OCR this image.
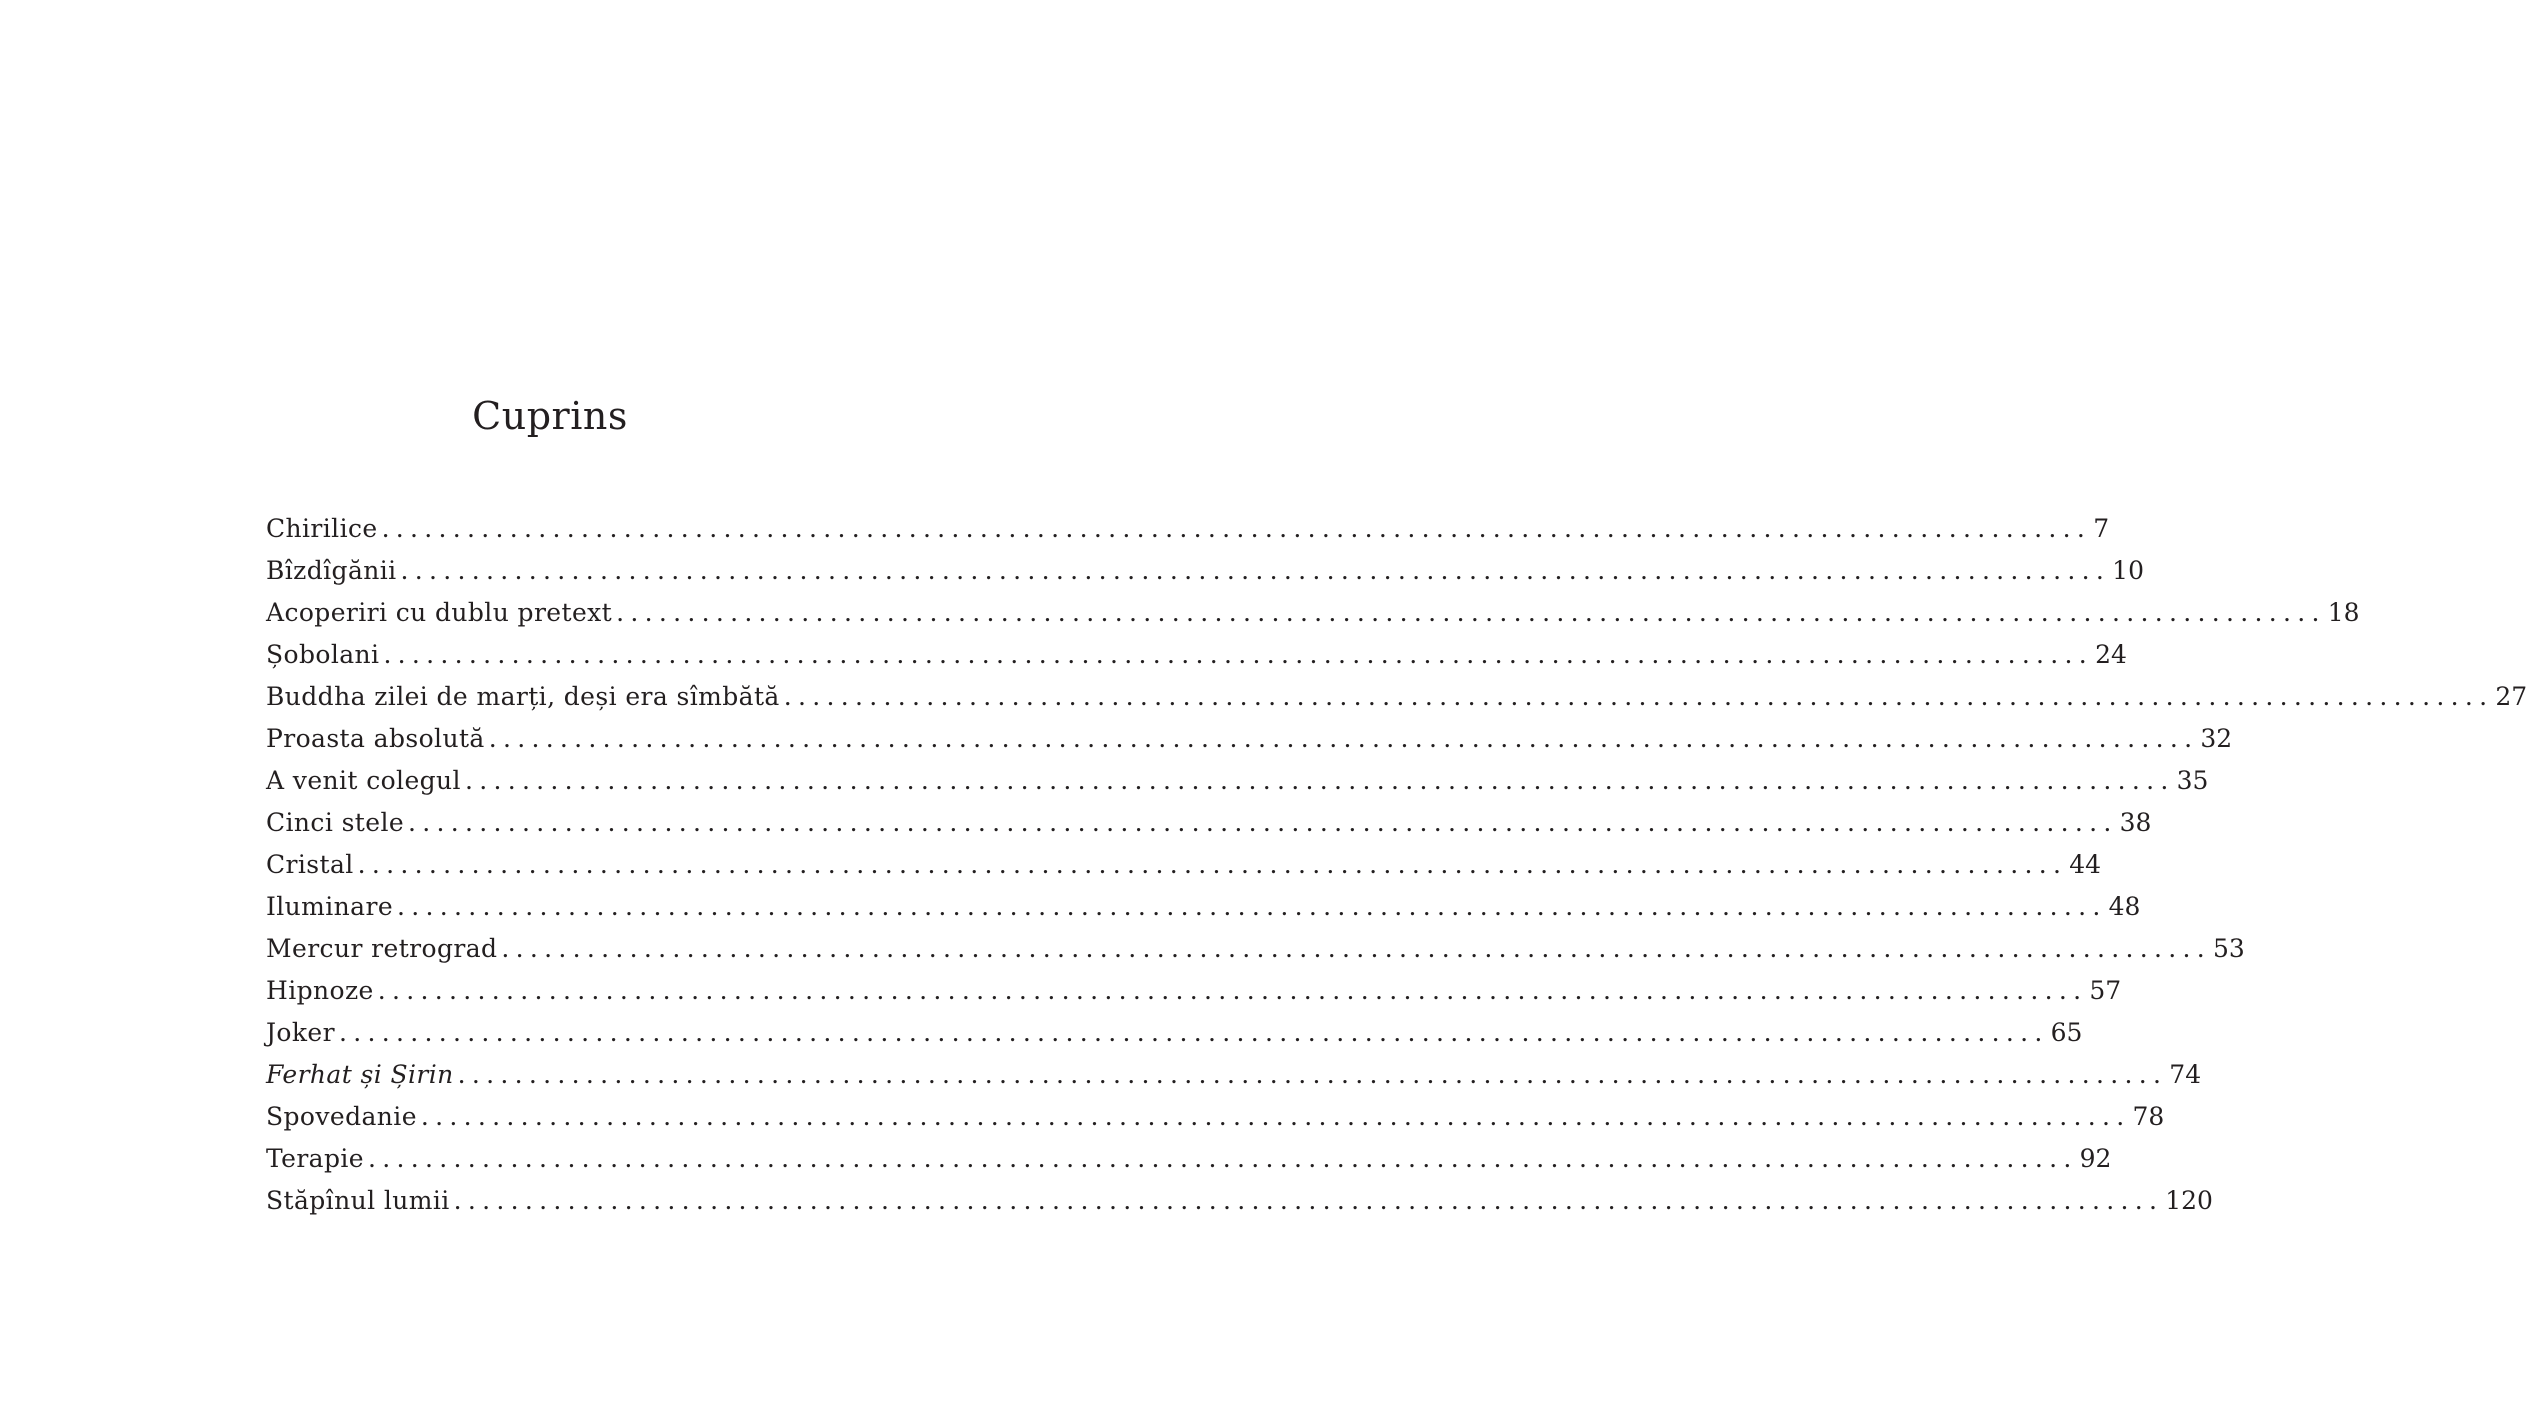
Cuprins
Chirilice ........................................................................................................................ 7
Bîzdîgănii ........................................................................................................................ 10
Acoperiri cu dublu pretext ........................................................................................................................ 18
Șobolani ........................................................................................................................ 24
Buddha zilei de marți, deși era sîmbătă ........................................................................................................................ 27
Proasta absolută ........................................................................................................................ 32
A venit colegul ........................................................................................................................ 35
Cinci stele ........................................................................................................................ 38
Cristal ........................................................................................................................ 44
Iluminare ........................................................................................................................ 48
Mercur retrograd ........................................................................................................................ 53
Hipnoze ........................................................................................................................ 57
Joker ........................................................................................................................ 65
Ferhat și Șirin ........................................................................................................................ 74
Spovedanie ........................................................................................................................ 78
Terapie ........................................................................................................................ 92
Stăpînul lumii ........................................................................................................................ 120
